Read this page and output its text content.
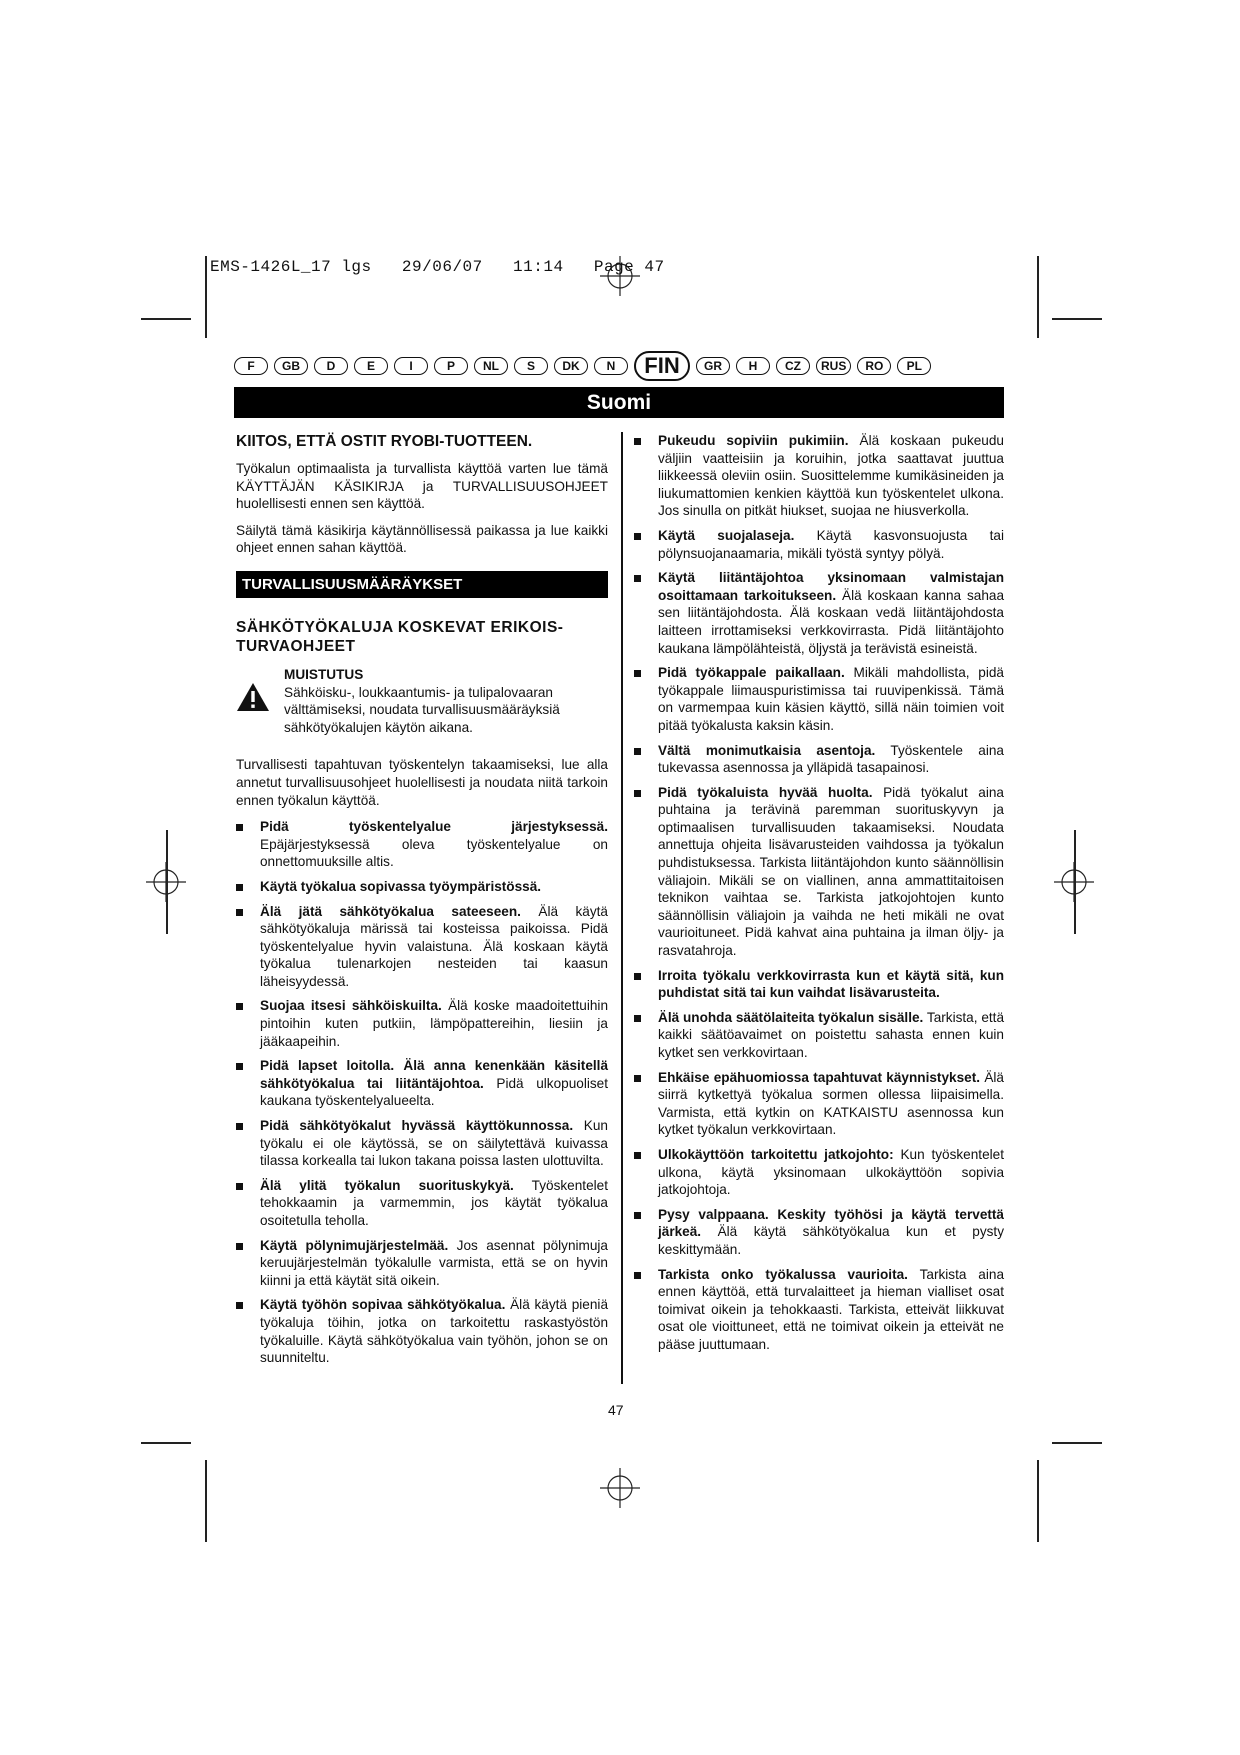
EMS-1426L_17 lgs   29/06/07   11:14   Page 47
F	GB	D	E	I	P	NL	S	DK	N	FIN	GR	H	CZ	RUS	RO	PL
Suomi
KIITOS, ETTÄ OSTIT RYOBI-TUOTTEEN.

Työkalun optimaalista ja turvallista käyttöä varten lue tämä KÄYTTÄJÄN KÄSIKIRJA ja TURVALLISUUSOHJEET huolellisesti ennen sen käyttöä.

Säilytä tämä käsikirja käytännöllisessä paikassa ja lue kaikki ohjeet ennen sahan käyttöä.

TURVALLISUUSMÄÄRÄYKSET
SÄHKÖTYÖKALUJA KOSKEVAT ERIKOIS-TURVAOHJEET
MUISTUTUS
Sähköisku-, loukkaantumis- ja tulipalovaaran välttämiseksi, noudata turvallisuusmääräyksiä sähkötyökalujen käytön aikana.

Turvallisesti tapahtuvan työskentelyn takaamiseksi, lue alla annetut turvallisuusohjeet huolellisesti ja noudata niitä tarkoin ennen työkalun käyttöä.

Pidä työskentelyalue järjestyksessä. Epäjärjestyksessä oleva työskentelyalue on onnettomuuksille altis.
Käytä työkalua sopivassa työympäristössä.
Älä jätä sähkötyökalua sateeseen. Älä käytä sähkötyökaluja märissä tai kosteissa paikoissa. Pidä työskentelyalue hyvin valaistuna. Älä koskaan käytä työkalua tulenarkojen nesteiden tai kaasun läheisyydessä.
Suojaa itsesi sähköiskuilta. Älä koske maadoitettuihin pintoihin kuten putkiin, lämpöpattereihin, liesiin ja jääkaapeihin.
Pidä lapset loitolla. Älä anna kenenkään käsitellä sähkötyökalua tai liitäntäjohtoa. Pidä ulkopuoliset kaukana työskentelyalueelta.
Pidä sähkötyökalut hyvässä käyttökunnossa. Kun työkalu ei ole käytössä, se on säilytettävä kuivassa tilassa korkealla tai lukon takana poissa lasten ulottuvilta.
Älä ylitä työkalun suorituskykyä. Työskentelet tehokkaamin ja varmemmin, jos käytät työkalua osoitetulla teholla.
Käytä pölynimujärjestelmää. Jos asennat pölynimuja keruujärjestelmän työkalulle varmista, että se on hyvin kiinni ja että käytät sitä oikein.
Käytä työhön sopivaa sähkötyökalua. Älä käytä pieniä työkaluja töihin, jotka on tarkoitettu raskastyöstön työkaluille. Käytä sähkötyökalua vain työhön, johon se on suunniteltu.
Pukeudu sopiviin pukimiin. Älä koskaan pukeudu väljiin vaatteisiin ja koruihin, jotka saattavat juuttua liikkeessä oleviin osiin. Suosittelemme kumikäsineiden ja liukumattomien kenkien käyttöä kun työskentelet ulkona. Jos sinulla on pitkät hiukset, suojaa ne hiusverkolla.
Käytä suojalaseja. Käytä kasvonsuojusta tai pölynsuojanaamaria, mikäli työstä syntyy pölyä.
Käytä liitäntäjohtoa yksinomaan valmistajan osoittamaan tarkoitukseen. Älä koskaan kanna sahaa sen liitäntäjohdosta. Älä koskaan vedä liitäntäjohdosta laitteen irrottamiseksi verkkovirrasta. Pidä liitäntäjohto kaukana lämpölähteistä, öljystä ja terävistä esineistä.
Pidä työkappale paikallaan. Mikäli mahdollista, pidä työkappale liimauspuristimissa tai ruuvipenkissä. Tämä on varmempaa kuin käsien käyttö, sillä näin toimien voit pitää työkalusta kaksin käsin.
Vältä monimutkaisia asentoja. Työskentele aina tukevassa asennossa ja ylläpidä tasapainosi.
Pidä työkaluista hyvää huolta. Pidä työkalut aina puhtaina ja terävinä paremman suorituskyvyn ja optimaalisen turvallisuuden takaamiseksi. Noudata annettuja ohjeita lisävarusteiden vaihdossa ja työkalun puhdistuksessa. Tarkista liitäntäjohdon kunto säännöllisin väliajoin. Mikäli se on viallinen, anna ammattitaitoisen teknikon vaihtaa se. Tarkista jatkojohtojen kunto säännöllisin väliajoin ja vaihda ne heti mikäli ne ovat vaurioituneet. Pidä kahvat aina puhtaina ja ilman öljy- ja rasvatahroja.
Irroita työkalu verkkovirrasta kun et käytä sitä, kun puhdistat sitä tai kun vaihdat lisävarusteita.
Älä unohda säätölaiteita työkalun sisälle. Tarkista, että kaikki säätöavaimet on poistettu sahasta ennen kuin kytket sen verkkovirtaan.
Ehkäise epähuomiossa tapahtuvat käynnistykset. Älä siirrä kytkettyä työkalua sormen ollessa liipaisimella. Varmista, että kytkin on KATKAISTU asennossa kun kytket työkalun verkkovirtaan.
Ulkokäyttöön tarkoitettu jatkojohto: Kun työskentelet ulkona, käytä yksinomaan ulkokäyttöön sopivia jatkojohtoja.
Pysy valppaana. Keskity työhösi ja käytä tervettä järkeä. Älä käytä sähkötyökalua kun et pysty keskittymään.
Tarkista onko työkalussa vaurioita. Tarkista aina ennen käyttöä, että turvalaitteet ja hieman vialliset osat toimivat oikein ja tehokkaasti. Tarkista, etteivät liikkuvat osat ole vioittuneet, että ne toimivat oikein ja etteivät ne pääse juuttumaan.
47
